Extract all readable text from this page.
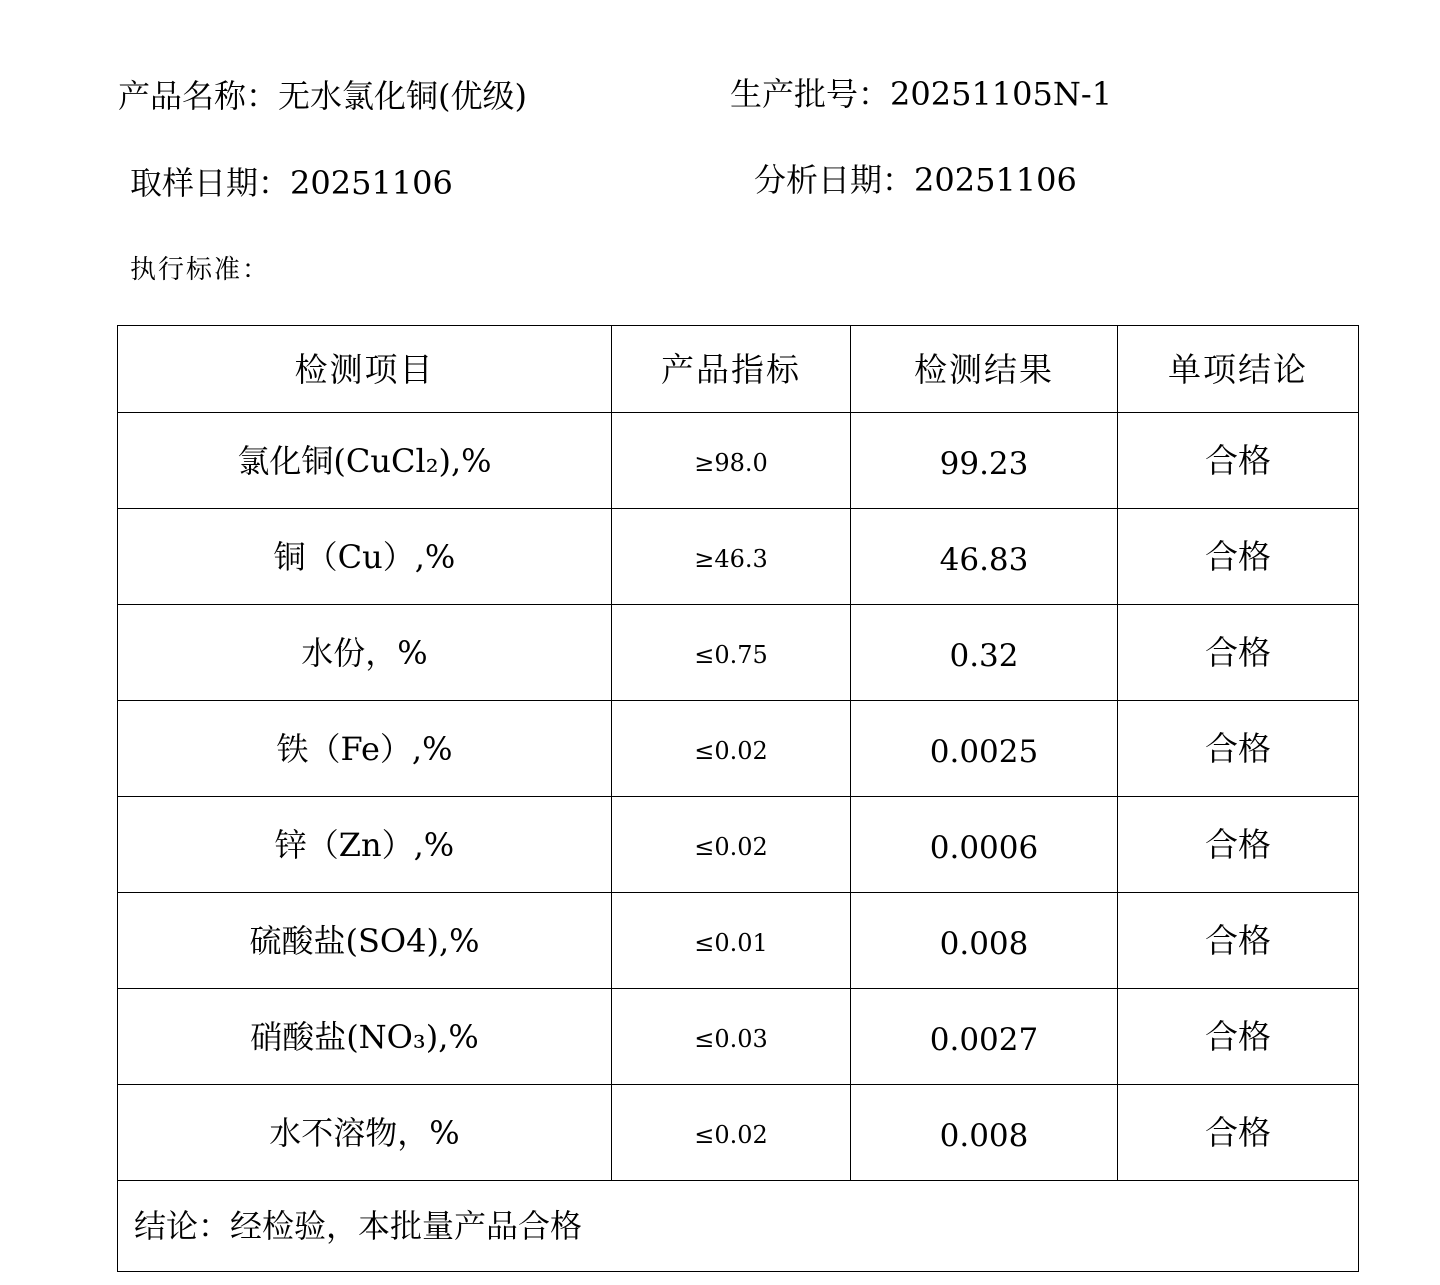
产品名称：无水氯化铜(优级)	生产批号：20251105N-1
取样日期：20251106	分析日期：20251106
执行标准：
检测项目	产品指标	检测结果	单项结论
氯化铜(CuCl₂),%	≥98.0	99.23	合格
铜（Cu）,%	≥46.3	46.83	合格
水份，%	≤0.75	0.32	合格
铁（Fe）,%	≤0.02	0.0025	合格
锌（Zn）,%	≤0.02	0.0006	合格
硫酸盐(SO4),%	≤0.01	0.008	合格
硝酸盐(NO₃),%	≤0.03	0.0027	合格
水不溶物，%	≤0.02	0.008	合格
结论：经检验，本批量产品合格			
